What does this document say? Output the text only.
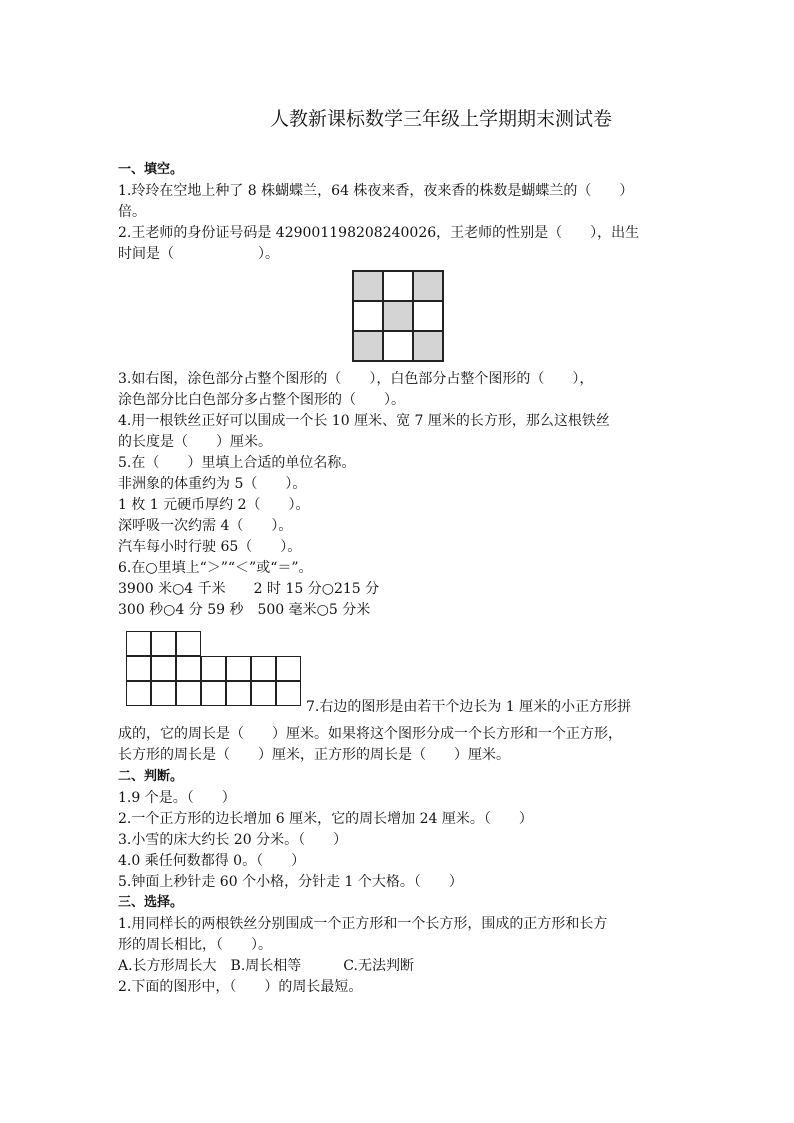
人教新课标数学三年级上学期期末测试卷
一、填空。
1.玲玲在空地上种了 8 株蝴蝶兰，64 株夜来香，夜来香的株数是蝴蝶兰的（　　）
倍。
2.王老师的身份证号码是 429001198208240026，王老师的性别是（　　），出生
时间是（　　　　　　）。
3.如右图，涂色部分占整个图形的（　　），白色部分占整个图形的（　　），
涂色部分比白色部分多占整个图形的（　　）。
4.用一根铁丝正好可以围成一个长 10 厘米、宽 7 厘米的长方形，那么这根铁丝
的长度是（　　）厘米。
5.在（　　）里填上合适的单位名称。
非洲象的体重约为 5（　　）。
1 枚 1 元硬币厚约 2（　　）。
深呼吸一次约需 4（　　）。
汽车每小时行驶 65（　　）。
6.在○里填上“＞”“＜”或“＝”。
3900 米○4 千米　　2 时 15 分○215 分
300 秒○4 分 59 秒　500 毫米○5 分米
7.右边的图形是由若干个边长为 1 厘米的小正方形拼
成的，它的周长是（　　）厘米。如果将这个图形分成一个长方形和一个正方形，
长方形的周长是（　　）厘米，正方形的周长是（　　）厘米。
二、判断。
1.9 个是。（　　）
2.一个正方形的边长增加 6 厘米，它的周长增加 24 厘米。（　　）
3.小雪的床大约长 20 分米。（　　）
4.0 乘任何数都得 0。（　　）
5.钟面上秒针走 60 个小格，分针走 1 个大格。（　　）
三、选择。
1.用同样长的两根铁丝分别围成一个正方形和一个长方形，围成的正方形和长方
形的周长相比，（　　）。
A.长方形周长大　B.周长相等　　　C.无法判断
2.下面的图形中，（　　）的周长最短。
